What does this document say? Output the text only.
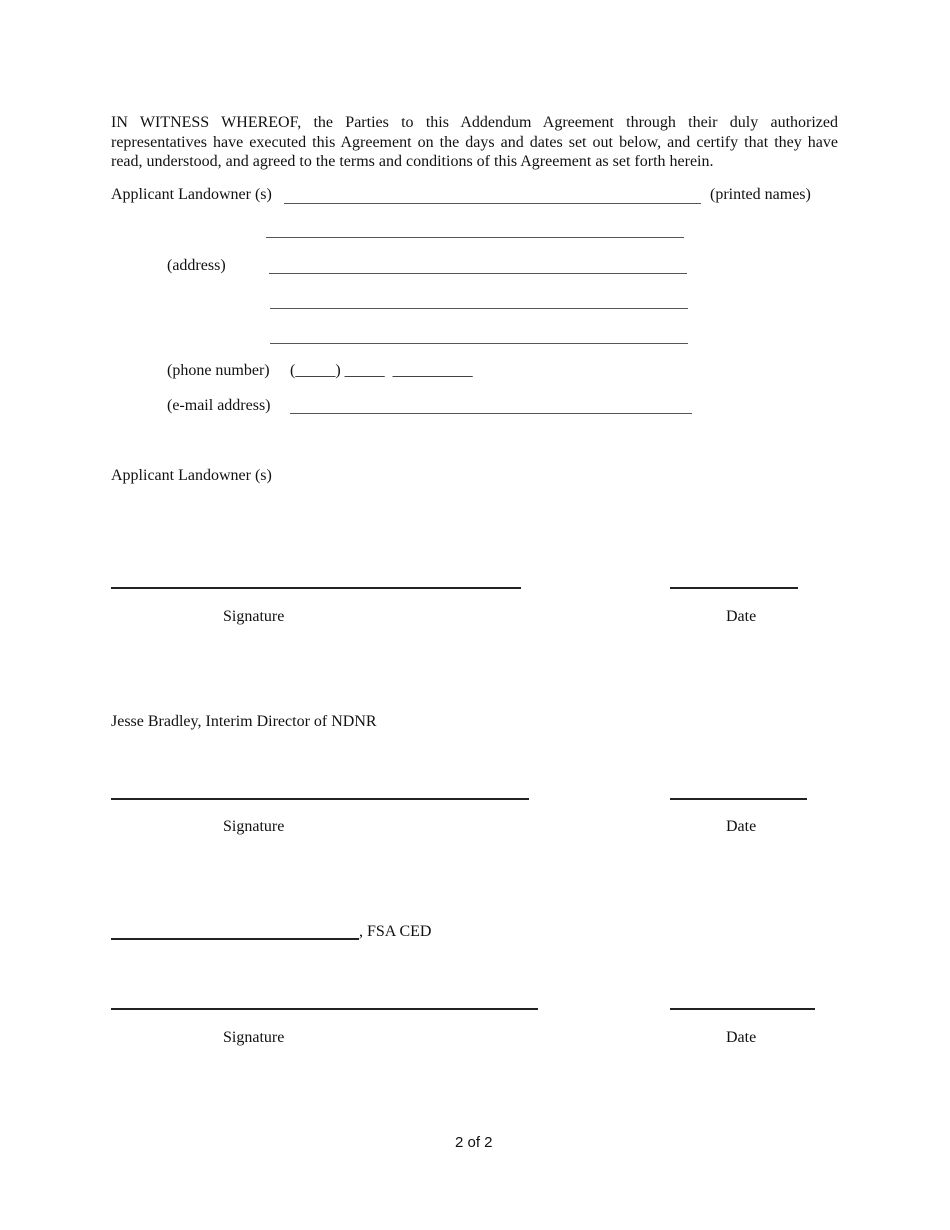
IN WITNESS WHEREOF, the Parties to this Addendum Agreement through their duly authorized representatives have executed this Agreement on the days and dates set out below, and certify that they have read, understood, and agreed to the terms and conditions of this Agreement as set forth herein.
Applicant Landowner (s)	(printed names)
(address)
(phone number) (_____) _____  __________
(e-mail address)
Applicant Landowner (s)
Signature	Date
Jesse Bradley, Interim Director of NDNR
Signature	Date
, FSA CED
Signature	Date
2 of 2
